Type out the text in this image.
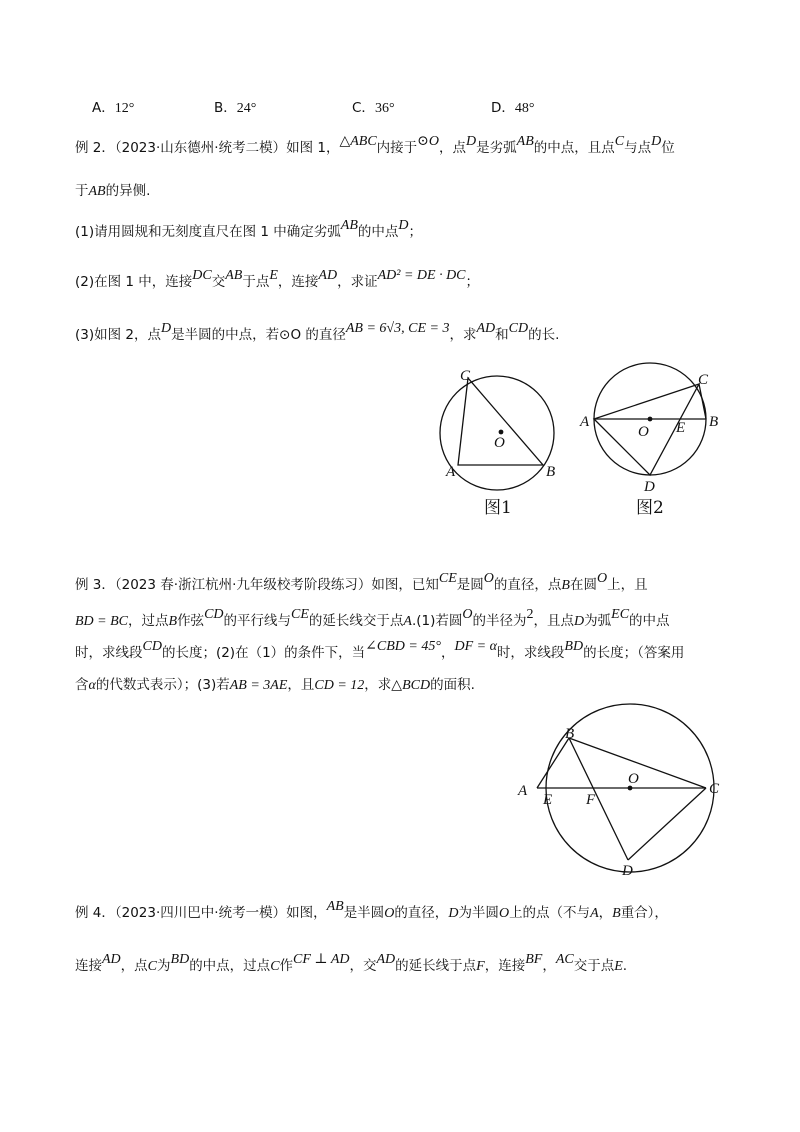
A．12°	B．24°	C．36°	D．48°
例 2．（2023·山东德州·统考二模）如图 1，△ABC内接于⊙O，点D是劣弧AB的中点，且点C与点D位
于AB的异侧.
(1)请用圆规和无刻度直尺在图 1 中确定劣弧AB的中点D；
(2)在图 1 中，连接DC交AB于点E，连接AD，求证AD² = DE · DC；
(3)如图 2，点D是半圆的中点，若⊙O 的直径AB = 6√3, CE = 3，求AD和CD的长.
C
O
A	B
图1
C
A
O E B
D
图2
例 3．（2023 春·浙江杭州·九年级校考阶段练习）如图，已知CE是圆O的直径，点B在圆O上，且
BD = BC，过点B作弦CD的平行线与CE的延长线交于点A.(1)若圆O的半径为2，且点D为弧EC的中点
时，求线段CD的长度；(2)在（1）的条件下，当∠CBD = 45°，DF = α时，求线段BD的长度；（答案用
含α的代数式表示）；(3)若AB = 3AE，且CD = 12，求△BCD的面积.
B
A
E F
O
C
D
例 4．（2023·四川巴中·统考一模）如图，AB是半圆O的直径，D为半圆O上的点（不与A，B重合），
连接AD，点C为BD的中点，过点C作CF ⊥ AD，交AD的延长线于点F，连接BF，AC交于点E.
